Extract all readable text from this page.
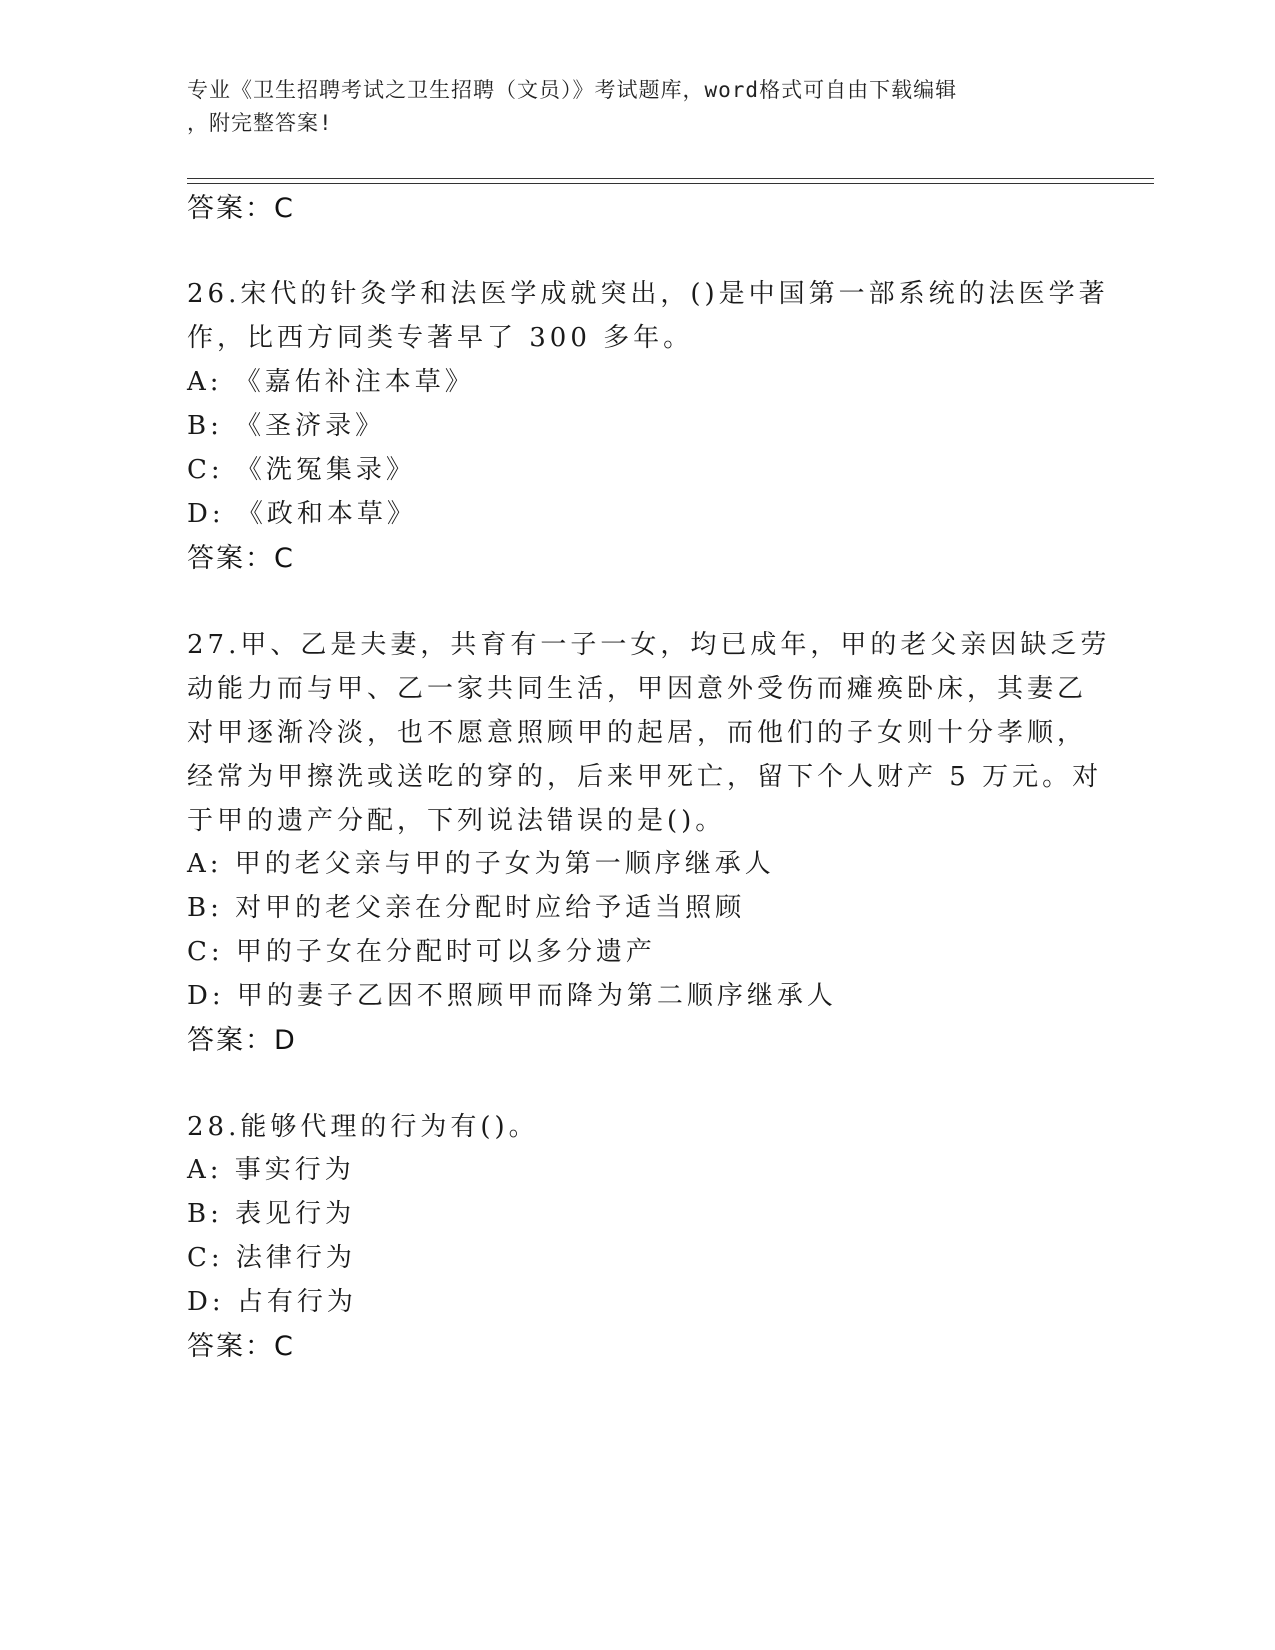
专业《卫生招聘考试之卫生招聘（文员）》考试题库，word格式可自由下载编辑
，附完整答案!
答案：C
26.宋代的针灸学和法医学成就突出，()是中国第一部系统的法医学著
作，比西方同类专著早了 300 多年。
A: 《嘉佑补注本草》
B: 《圣济录》
C: 《洗冤集录》
D: 《政和本草》
答案：C
27.甲、乙是夫妻，共育有一子一女，均已成年，甲的老父亲因缺乏劳
动能力而与甲、乙一家共同生活，甲因意外受伤而瘫痪卧床，其妻乙
对甲逐渐冷淡，也不愿意照顾甲的起居，而他们的子女则十分孝顺，
经常为甲擦洗或送吃的穿的，后来甲死亡，留下个人财产 5 万元。对
于甲的遗产分配，下列说法错误的是()。
A: 甲的老父亲与甲的子女为第一顺序继承人
B: 对甲的老父亲在分配时应给予适当照顾
C: 甲的子女在分配时可以多分遗产
D: 甲的妻子乙因不照顾甲而降为第二顺序继承人
答案：D
28.能够代理的行为有()。
A: 事实行为
B: 表见行为
C: 法律行为
D: 占有行为
答案：C
